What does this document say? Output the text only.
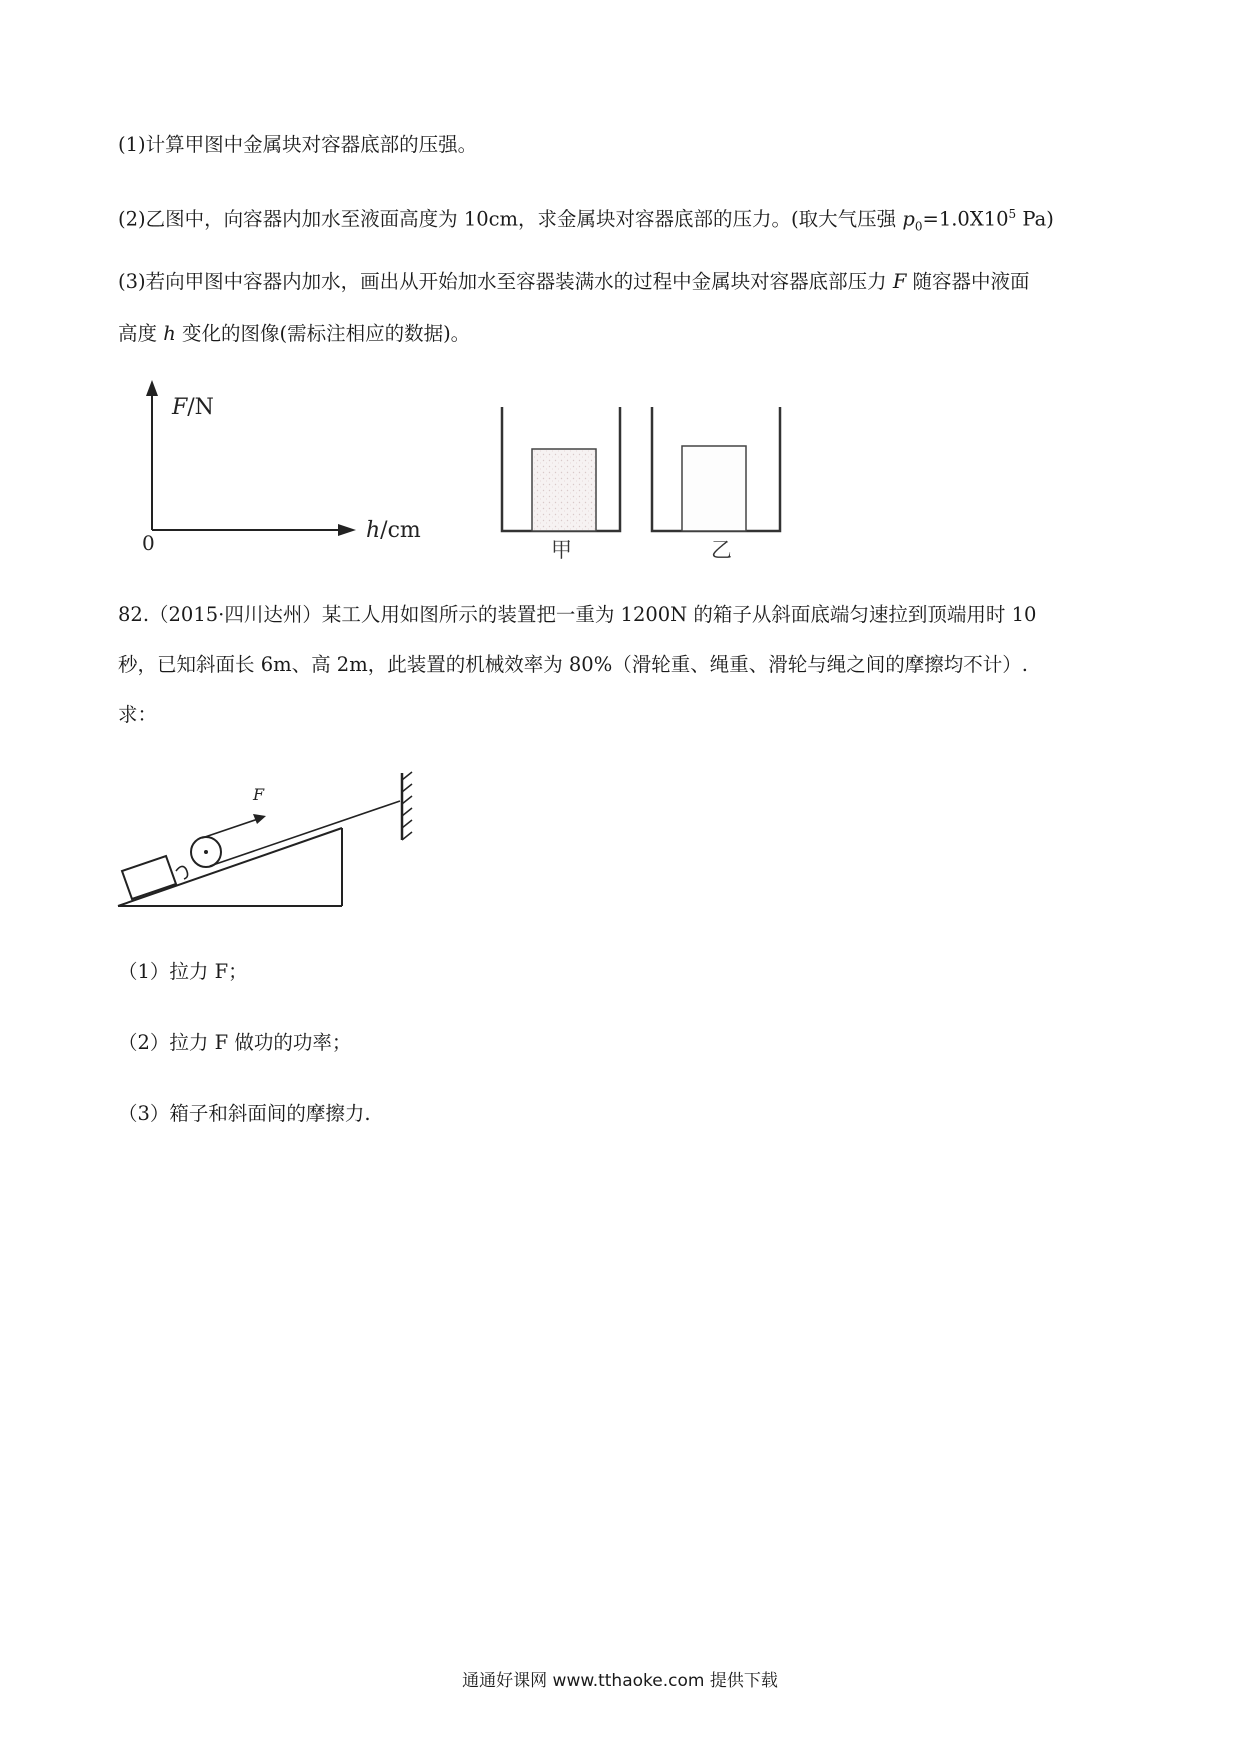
(1)计算甲图中金属块对容器底部的压强。
(2)乙图中，向容器内加水至液面高度为 10cm，求金属块对容器底部的压力。(取大气压强 $p_0=1.0X10^5$ Pa)
(3)若向甲图中容器内加水，画出从开始加水至容器装满水的过程中金属块对容器底部压力 F 随容器中液面
高度 h 变化的图像(需标注相应的数据)。
F/N
h/cm
0	甲	乙
82.（2015·四川达州）某工人用如图所示的装置把一重为 1200N 的箱子从斜面底端匀速拉到顶端用时 10
秒，已知斜面长 6m、高 2m，此装置的机械效率为 80%（滑轮重、绳重、滑轮与绳之间的摩擦均不计）.
求：
F
（1）拉力 F；
（2）拉力 F 做功的功率；
（3）箱子和斜面间的摩擦力.
通通好课网 www.tthaoke.com 提供下载
